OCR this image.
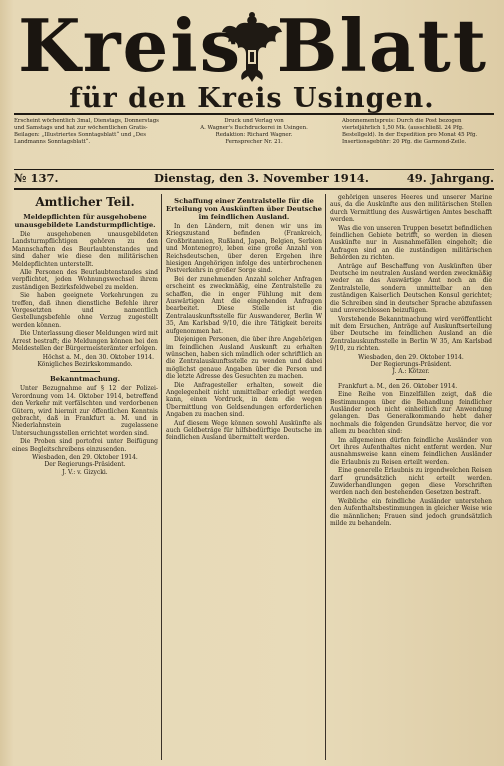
Kreis Blatt
für den Kreis Usingen.
Erscheint wöchentlich 3mal, Dienstags, Donnerstags und Samstags und hat zur wöchentlichen Gratis-Beilagen: „Illustriertes Sonntagsblatt“ und „Des Landmanns Sonntagsblatt“.
Druck und Verlag von
A. Wagner's Buchdruckerei in Usingen.
Redaktion: Richard Wagner.
Fernsprecher Nr. 21.
Abonnementspreis: Durch die Post bezogen vierteljährlich 1,50 Mk. (ausschließl. 24 Pfg. Bestellgeld). In der Expedition pro Monat 45 Pfg. Insertionsgebühr: 20 Pfg. die Garmond-Zeile.
№ 137.	Dienstag, den 3. November 1914.	49. Jahrgang.
Amtlicher Teil.
Meldepflichten für ausgehobene unausgebildete Landsturmpflichtige.

Die ausgehobenen unausgebildeten Landsturmpflichtigen gehören zu den Mannschaften des Beurlaubtenstandes und sind daher wie diese den militärischen Meldepflichten unterstellt.

Alle Personen des Beurlaubtenstandes sind verpflichtet, jeden Wohnungswechsel ihrem zuständigen Bezirksfeldwebel zu melden.

Sie haben geeignete Vorkehrungen zu treffen, daß ihnen dienstliche Befehle ihrer Vorgesetzten und namentlich Gestellungsbefehle ohne Verzug zugestellt werden können.

Die Unterlassung dieser Meldungen wird mit Arrest bestraft; die Meldungen können bei den Meldestellen der Bürgermeisterämter erfolgen.

Höchst a. M., den 30. Oktober 1914.

Königliches Bezirkskommando.

Bekanntmachung.

Unter Bezugnahme auf § 12 der Polizei-Verordnung vom 14. Oktober 1914, betreffend den Verkehr mit verfälschten und verdorbenen Gütern, wird hiermit zur öffentlichen Kenntnis gebracht, daß in Frankfurt a. M. und in Niederlahnstein zugelassene Untersuchungsstellen errichtet worden sind.

Die Proben sind portofrei unter Beifügung eines Begleitschreibens einzusenden.

Wiesbaden, den 29. Oktober 1914.

Der Regierungs-Präsident.

J. V.: v. Gizycki.

Schaffung einer Zentralstelle für die Erteilung von Auskünften über Deutsche im feindlichen Ausland.

In den Ländern, mit denen wir uns im Kriegszustand befinden (Frankreich, Großbritannien, Rußland, Japan, Belgien, Serbien und Montenegro), leben eine große Anzahl von Reichsdeutschen, über deren Ergehen ihre hiesigen Angehörigen infolge des unterbrochenen Postverkehrs in großer Sorge sind.

Bei der zunehmenden Anzahl solcher Anfragen erscheint es zweckmäßig, eine Zentralstelle zu schaffen, die in enger Fühlung mit dem Auswärtigen Amt die eingehenden Anfragen bearbeitet. Diese Stelle ist die Zentralauskunftsstelle für Auswanderer, Berlin W 35, Am Karlsbad 9/10, die ihre Tätigkeit bereits aufgenommen hat.

Diejenigen Personen, die über ihre Angehörigen im feindlichen Ausland Auskunft zu erhalten wünschen, haben sich mündlich oder schriftlich an die Zentralauskunftsstelle zu wenden und dabei möglichst genaue Angaben über die Person und die letzte Adresse des Gesuchten zu machen.

Die Anfragesteller erhalten, soweit die Angelegenheit nicht unmittelbar erledigt werden kann, einen Vordruck, in dem die wegen Übermittlung von Geldsendungen erforderlichen Angaben zu machen sind.

Auf diesem Wege können sowohl Auskünfte als auch Geldbeträge für hilfsbedürftige Deutsche im feindlichen Ausland übermittelt werden.

gehörigen unseres Heeres und unserer Marine aus, da die Auskünfte aus den militärischen Stellen durch Vermittlung des Auswärtigen Amtes beschafft werden.

Was die von unseren Truppen besetzt befindlichen feindlichen Gebiete betrifft, so werden in diesen Auskünfte nur in Ausnahmefällen eingeholt; die Anfragen sind an die zuständigen militärischen Behörden zu richten.

Anträge auf Beschaffung von Auskünften über Deutsche im neutralen Ausland werden zweckmäßig weder an das Auswärtige Amt noch an die Zentralstelle, sondern unmittelbar an den zuständigen Kaiserlich Deutschen Konsul gerichtet; die Schreiben sind in deutscher Sprache abzufassen und unverschlossen beizufügen.

Vorstehende Bekanntmachung wird veröffentlicht mit dem Ersuchen, Anträge auf Auskunftserteilung über Deutsche im feindlichen Ausland an die Zentralauskunftsstelle in Berlin W 35, Am Karlsbad 9/10, zu richten.

Wiesbaden, den 29. Oktober 1914.

Der Regierungs-Präsident.

J. A.: Kötzer.

Frankfurt a. M., den 26. Oktober 1914.

Eine Reihe von Einzelfällen zeigt, daß die Bestimmungen über die Behandlung feindlicher Ausländer noch nicht einheitlich zur Anwendung gelangen. Das Generalkommando hebt daher nochmals die folgenden Grundsätze hervor, die vor allem zu beachten sind:

Im allgemeinen dürfen feindliche Ausländer von Ort ihres Aufenthaltes nicht entfernt werden. Nur ausnahmsweise kann einem feindlichen Ausländer die Erlaubnis zu Reisen erteilt werden.

Eine generelle Erlaubnis zu irgendwelchen Reisen darf grundsätzlich nicht erteilt werden. Zuwiderhandlungen gegen diese Vorschriften werden nach den bestehenden Gesetzen bestraft.

Weibliche ein feindliche Ausländer unterstehen den Aufenthaltsbestimmungen in gleicher Weise wie die männlichen; Frauen sind jedoch grundsätzlich milde zu behandeln.
